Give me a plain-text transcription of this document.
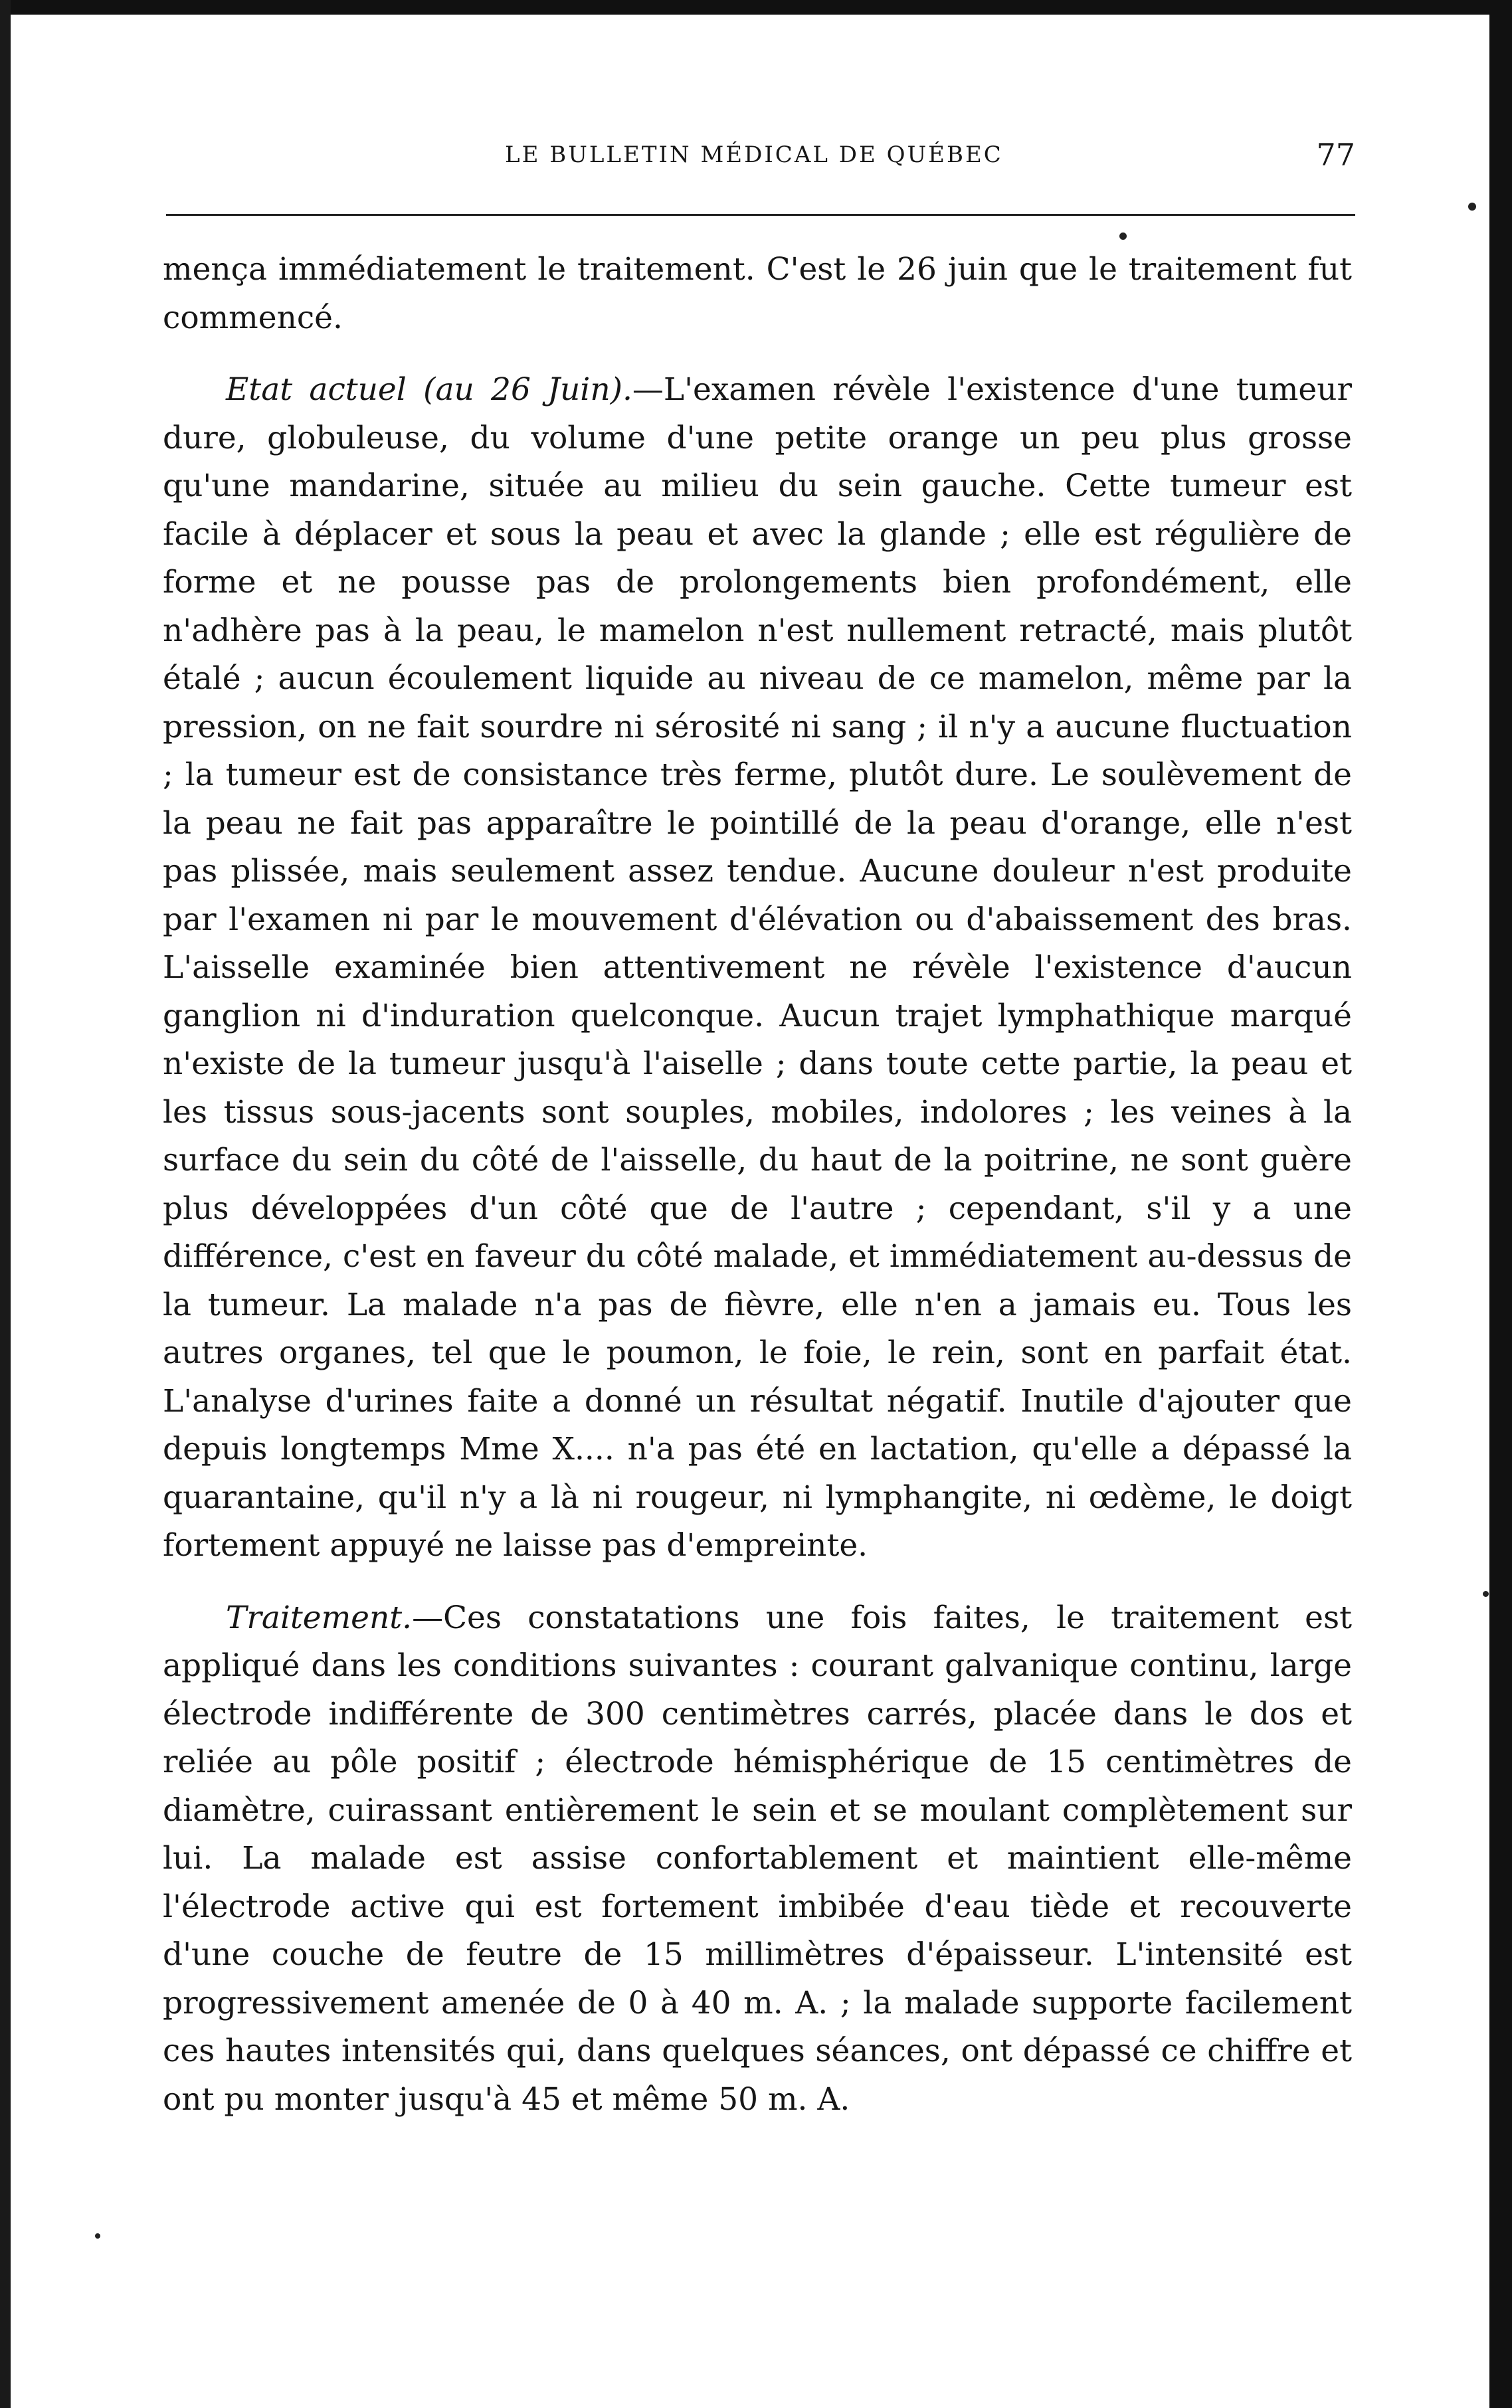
LE BULLETIN MÉDICAL DE QUÉBEC	77

mença immédiatement le traitement. C'est le 26 juin que le traitement fut commencé.

Etat actuel (au 26 Juin).—L'examen révèle l'existence d'une tumeur dure, globuleuse, du volume d'une petite orange un peu plus grosse qu'une mandarine, située au milieu du sein gauche. Cette tumeur est facile à déplacer et sous la peau et avec la glande ; elle est régulière de forme et ne pousse pas de prolongements bien profondément, elle n'adhère pas à la peau, le mamelon n'est nullement retracté, mais plutôt étalé ; aucun écoulement liquide au niveau de ce mamelon, même par la pression, on ne fait sourdre ni sérosité ni sang ; il n'y a aucune fluctuation ; la tumeur est de consistance très ferme, plutôt dure. Le soulèvement de la peau ne fait pas apparaître le pointillé de la peau d'orange, elle n'est pas plissée, mais seulement assez tendue. Aucune douleur n'est produite par l'examen ni par le mouvement d'élévation ou d'abaissement des bras. L'aisselle examinée bien attentivement ne révèle l'existence d'aucun ganglion ni d'induration quelconque. Aucun trajet lymphathique marqué n'existe de la tumeur jusqu'à l'aiselle ; dans toute cette partie, la peau et les tissus sous-jacents sont souples, mobiles, indolores ; les veines à la surface du sein du côté de l'aisselle, du haut de la poitrine, ne sont guère plus développées d'un côté que de l'autre ; cependant, s'il y a une différence, c'est en faveur du côté malade, et immédiatement au-dessus de la tumeur. La malade n'a pas de fièvre, elle n'en a jamais eu. Tous les autres organes, tel que le poumon, le foie, le rein, sont en parfait état. L'analyse d'urines faite a donné un résultat négatif. Inutile d'ajouter que depuis longtemps Mme X.... n'a pas été en lactation, qu'elle a dépassé la quarantaine, qu'il n'y a là ni rougeur, ni lymphangite, ni œdème, le doigt fortement appuyé ne laisse pas d'empreinte.

Traitement.—Ces constatations une fois faites, le traitement est appliqué dans les conditions suivantes : courant galvanique continu, large électrode indifférente de 300 centimètres carrés, placée dans le dos et reliée au pôle positif ; électrode hémisphérique de 15 centimètres de diamètre, cuirassant entièrement le sein et se moulant complètement sur lui. La malade est assise confortablement et maintient elle-même l'électrode active qui est fortement imbibée d'eau tiède et recouverte d'une couche de feutre de 15 millimètres d'épaisseur. L'intensité est progressivement amenée de 0 à 40 m. A. ; la malade supporte facilement ces hautes intensités qui, dans quelques séances, ont dépassé ce chiffre et ont pu monter jusqu'à 45 et même 50 m. A.
